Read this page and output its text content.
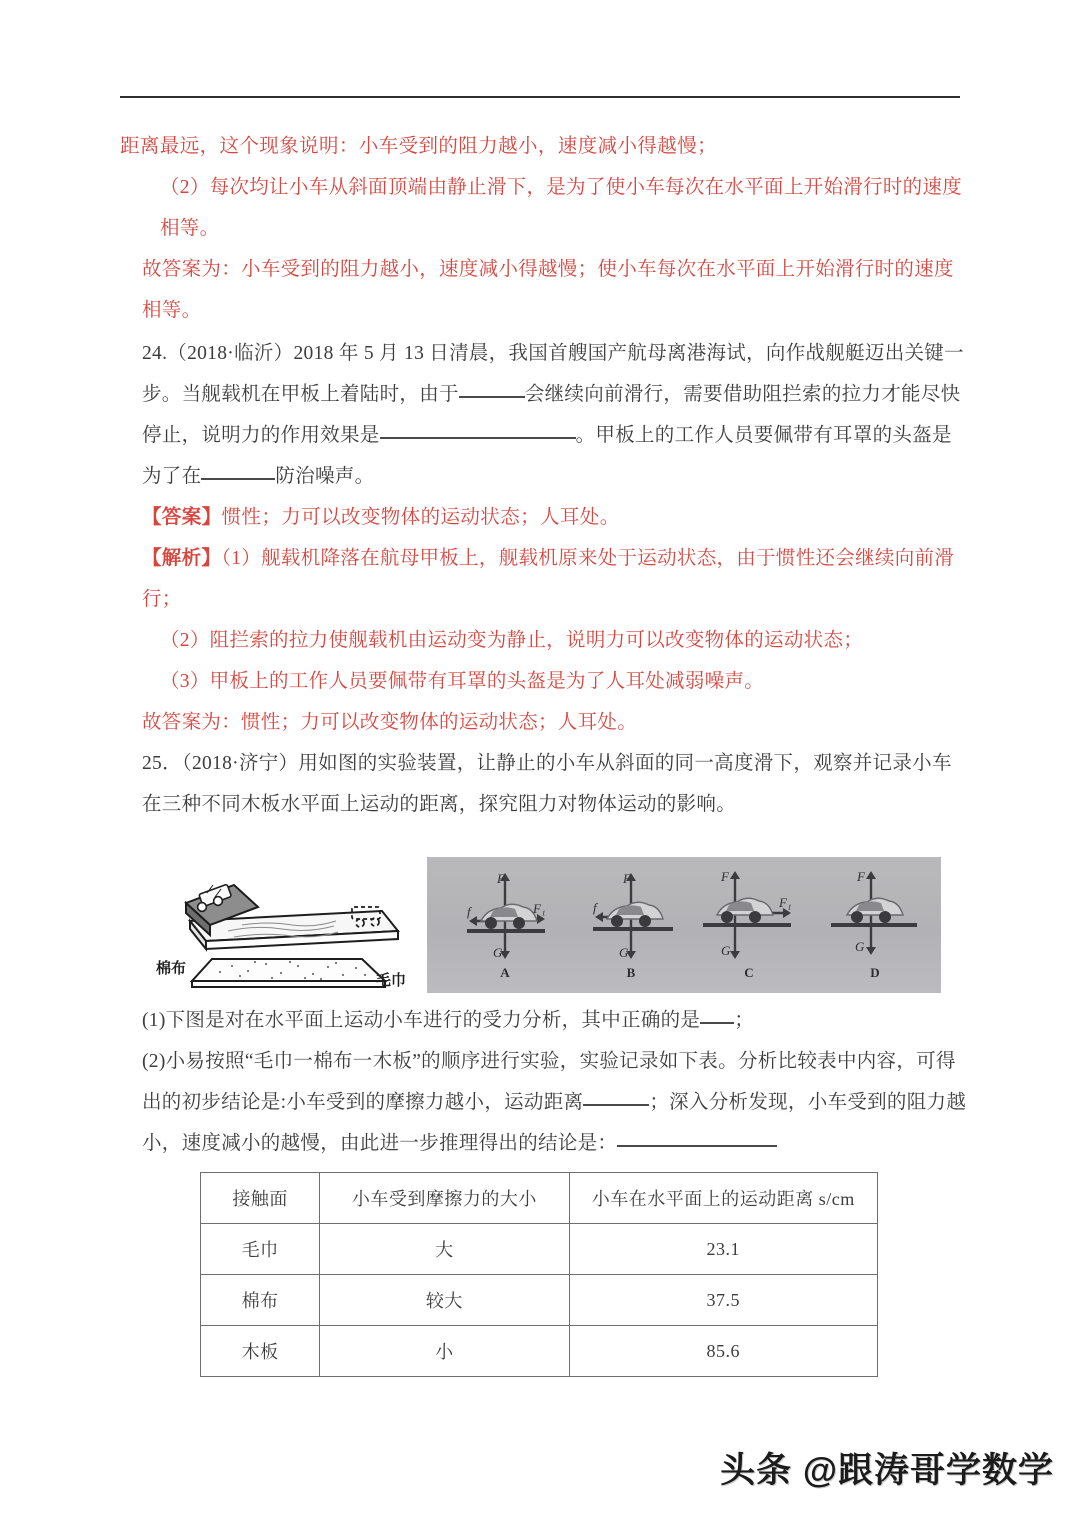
距离最远，这个现象说明：小车受到的阻力越小，速度减小得越慢；

（2）每次均让小车从斜面顶端由静止滑下，是为了使小车每次在水平面上开始滑行时的速度相等。

故答案为：小车受到的阻力越小，速度减小得越慢；使小车每次在水平面上开始滑行时的速度相等。

24.（2018·临沂）2018 年 5 月 13 日清晨，我国首艘国产航母离港海试，向作战舰艇迈出关键一步。当舰载机在甲板上着陆时，由于	会继续向前滑行，需要借助阻拦索的拉力才能尽快停止，说明力的作用效果是	。甲板上的工作人员要佩带有耳罩的头盔是为了在	防治噪声。

【答案】惯性；力可以改变物体的运动状态；人耳处。

【解析】（1）舰载机降落在航母甲板上，舰载机原来处于运动状态，由于惯性还会继续向前滑行；

（2）阻拦索的拉力使舰载机由运动变为静止，说明力可以改变物体的运动状态；

（3）甲板上的工作人员要佩带有耳罩的头盔是为了人耳处减弱噪声。

故答案为：惯性；力可以改变物体的运动状态；人耳处。

25．（2018·济宁）用如图的实验装置，让静止的小车从斜面的同一高度滑下，观察并记录小车在三种不同木板水平面上运动的距离，探究阻力对物体运动的影响。

棉布
毛巾
F
f	F₁
G
A
F
f
G
B
F
F₁
G
C
F
G
D

(1)下图是对在水平面上运动小车进行的受力分析，其中正确的是 ；

(2)小易按照“毛巾一棉布一木板”的顺序进行实验，实验记录如下表。分析比较表中内容，可得出的初步结论是:小车受到的摩擦力越小，运动距离	；深入分析发现，小车受到的阻力越小，速度减小的越慢，由此进一步推理得出的结论是：

接触面	小车受到摩擦力的大小	小车在水平面上的运动距离 s/cm
毛巾	大	23.1
棉布	较大	37.5
木板	小	85.6
头条 @跟涛哥学数学
